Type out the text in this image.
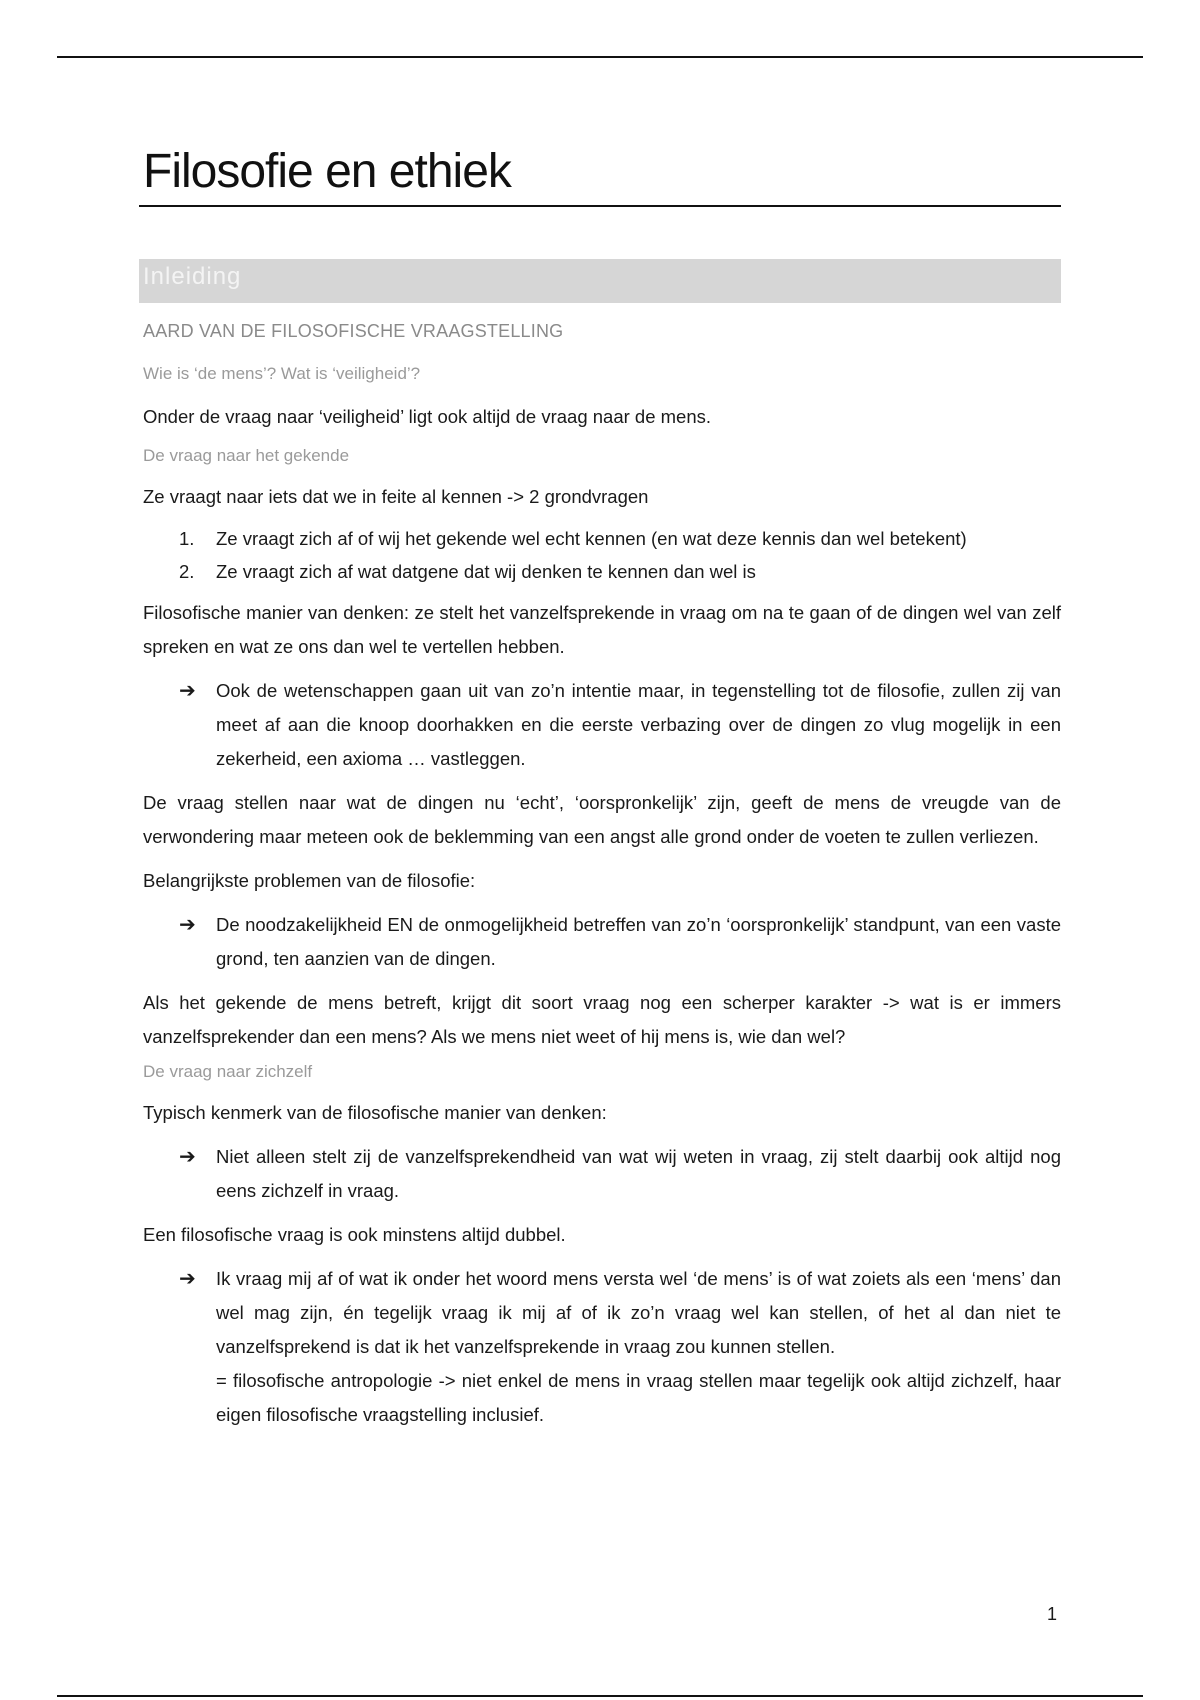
Filosofie en ethiek
Inleiding
AARD VAN DE FILOSOFISCHE VRAAGSTELLING
Wie is ‘de mens’? Wat is ‘veiligheid’?

Onder de vraag naar ‘veiligheid’ ligt ook altijd de vraag naar de mens.

De vraag naar het gekende

Ze vraagt naar iets dat we in feite al kennen -> 2 grondvragen

1. Ze vraagt zich af of wij het gekende wel echt kennen (en wat deze kennis dan wel betekent)
2. Ze vraagt zich af wat datgene dat wij denken te kennen dan wel is

Filosofische manier van denken: ze stelt het vanzelfsprekende in vraag om na te gaan of de dingen wel van zelf spreken en wat ze ons dan wel te vertellen hebben.

➔ Ook de wetenschappen gaan uit van zo’n intentie maar, in tegenstelling tot de filosofie, zullen zij van meet af aan die knoop doorhakken en die eerste verbazing over de dingen zo vlug mogelijk in een zekerheid, een axioma … vastleggen.

De vraag stellen naar wat de dingen nu ‘echt’, ‘oorspronkelijk’ zijn, geeft de mens de vreugde van de verwondering maar meteen ook de beklemming van een angst alle grond onder de voeten te zullen verliezen.

Belangrijkste problemen van de filosofie:

➔ De noodzakelijkheid EN de onmogelijkheid betreffen van zo’n ‘oorspronkelijk’ standpunt, van een vaste grond, ten aanzien van de dingen.

Als het gekende de mens betreft, krijgt dit soort vraag nog een scherper karakter -> wat is er immers vanzelfsprekender dan een mens? Als we mens niet weet of hij mens is, wie dan wel?

De vraag naar zichzelf

Typisch kenmerk van de filosofische manier van denken:

➔ Niet alleen stelt zij de vanzelfsprekendheid van wat wij weten in vraag, zij stelt daarbij ook altijd nog eens zichzelf in vraag.

Een filosofische vraag is ook minstens altijd dubbel.

➔ Ik vraag mij af of wat ik onder het woord mens versta wel ‘de mens’ is of wat zoiets als een ‘mens’ dan wel mag zijn, én tegelijk vraag ik mij af of ik zo’n vraag wel kan stellen, of het al dan niet te vanzelfsprekend is dat ik het vanzelfsprekende in vraag zou kunnen stellen.
= filosofische antropologie -> niet enkel de mens in vraag stellen maar tegelijk ook altijd zichzelf, haar eigen filosofische vraagstelling inclusief.
1
